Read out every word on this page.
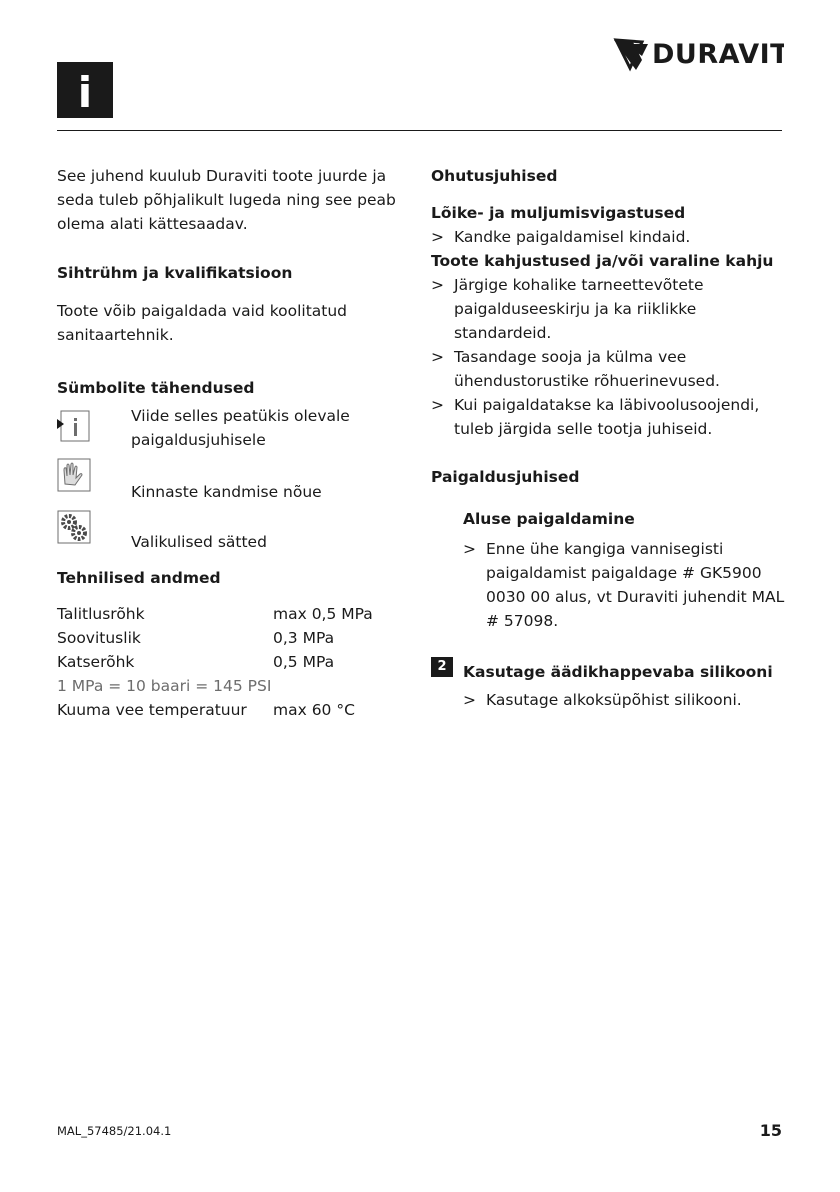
i
DURAVIT

See juhend kuulub Duraviti toote juurde ja seda tuleb põhjalikult lugeda ning see peab olema alati kättesaadav.

Sihtrühm ja kvalifikatsioon

Toote võib paigaldada vaid koolitatud sanitaartehnik.

Sümbolite tähendused

Viide selles peatükis olevale paigaldusjuhisele
Kinnaste kandmise nõue
Valikulised sätted

Tehnilised andmed

Talitlusrõhk	max 0,5 MPa
Soovituslik	0,3 MPa
Katserõhk	0,5 MPa
1 MPa = 10 baari = 145 PSI
Kuuma vee temperatuur max 60 °C

Ohutusjuhised

Lõike- ja muljumisvigastused

> Kandke paigaldamisel kindaid.

Toote kahjustused ja/või varaline kahju

> Järgige kohalike tarneettevõtete paigalduseeskirju ja ka riiklikke standardeid.
> Tasandage sooja ja külma vee ühendustorustike rõhuerinevused.
> Kui paigaldatakse ka läbivoolusoojendi, tuleb järgida selle tootja juhiseid.

Paigaldusjuhised

Aluse paigaldamine

> Enne ühe kangiga vannisegisti paigaldamist paigaldage # GK5900 0030 00 alus, vt Duraviti juhendit MAL # 57098.
2	Kasutage äädikhappevaba silikooni
> Kasutage alkoksüpõhist silikooni.
MAL_57485/21.04.1	15
